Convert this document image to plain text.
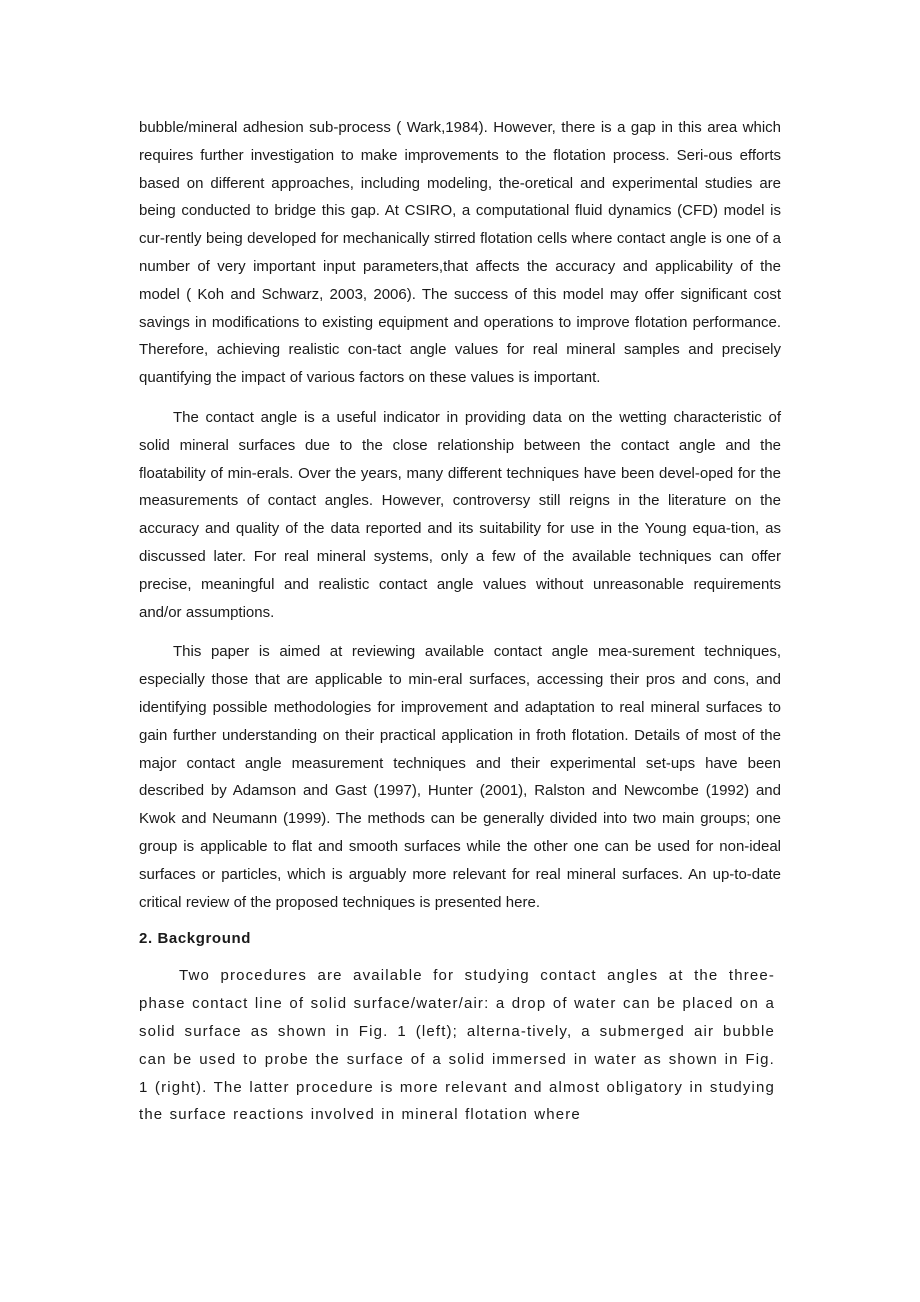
bubble/mineral adhesion sub-process ( Wark,1984). However, there is a gap in this area which requires further investigation to make improvements to the flotation process. Seri-ous efforts based on different approaches, including modeling, the-oretical and experimental studies are being conducted to bridge this gap. At CSIRO, a computational fluid dynamics (CFD) model is cur-rently being developed for mechanically stirred flotation cells where contact angle is one of a number of very important input parameters,that affects the accuracy and applicability of the model ( Koh and Schwarz, 2003, 2006). The success of this model may offer significant cost savings in modifications to existing equipment and operations to improve flotation performance. Therefore, achieving realistic con-tact angle values for real mineral samples and precisely quantifying the impact of various factors on these values is important.

The contact angle is a useful indicator in providing data on the wetting characteristic of solid mineral surfaces due to the close relationship between the contact angle and the floatability of min-erals. Over the years, many different techniques have been devel-oped for the measurements of contact angles. However, controversy still reigns in the literature on the accuracy and quality of the data reported and its suitability for use in the Young equa-tion, as discussed later. For real mineral systems, only a few of the available techniques can offer precise, meaningful and realistic contact angle values without unreasonable requirements and/or assumptions.

This paper is aimed at reviewing available contact angle mea-surement techniques, especially those that are applicable to min-eral surfaces, accessing their pros and cons, and identifying possible methodologies for improvement and adaptation to real mineral surfaces to gain further understanding on their practical application in froth flotation. Details of most of the major contact angle measurement techniques and their experimental set-ups have been described by Adamson and Gast (1997), Hunter (2001), Ralston and Newcombe (1992) and Kwok and Neumann (1999). The methods can be generally divided into two main groups; one group is applicable to flat and smooth surfaces while the other one can be used for non-ideal surfaces or particles, which is arguably more relevant for real mineral surfaces. An up-to-date critical review of the proposed techniques is presented here.

2. Background

Two procedures are available for studying contact angles at the three-phase contact line of solid surface/water/air: a drop of water can be placed on a solid surface as shown in Fig. 1 (left); alterna-tively, a submerged air bubble can be used to probe the surface of a solid immersed in water as shown in Fig. 1 (right). The latter procedure is more relevant and almost obligatory in studying the surface reactions involved in mineral flotation where
